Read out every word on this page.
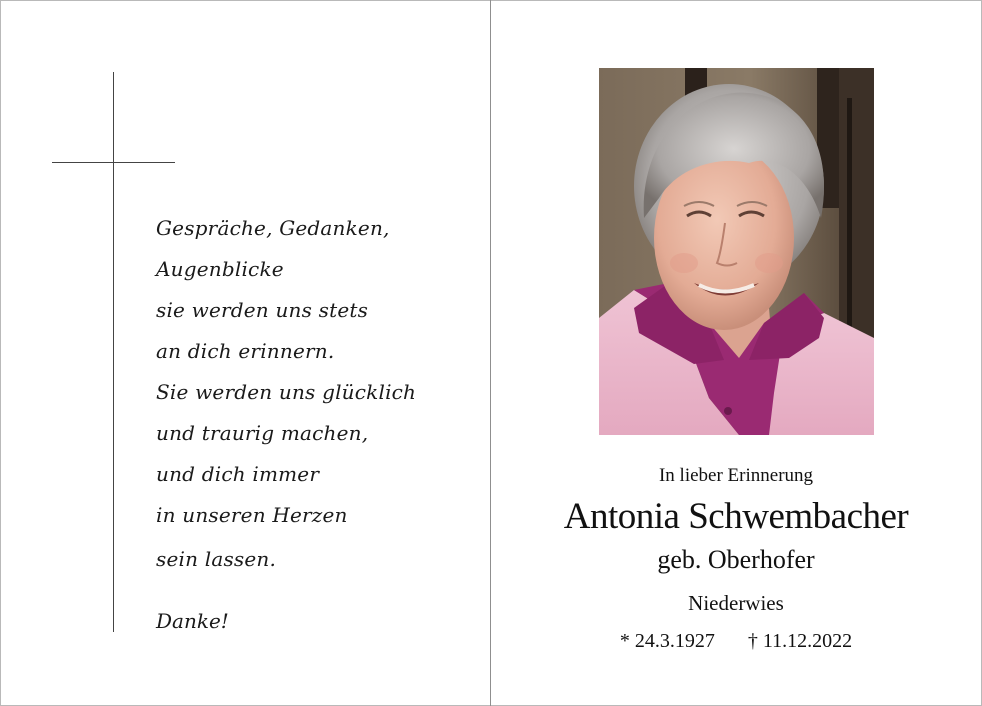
Gespräche, Gedanken,
Augenblicke
sie werden uns stets
an dich erinnern.
Sie werden uns glücklich
und traurig machen,
und dich immer
in unseren Herzen
sein lassen.
Danke!
In lieber Erinnerung
Antonia Schwembacher
geb. Oberhofer
Niederwies
* 24.3.1927 † 11.12.2022
